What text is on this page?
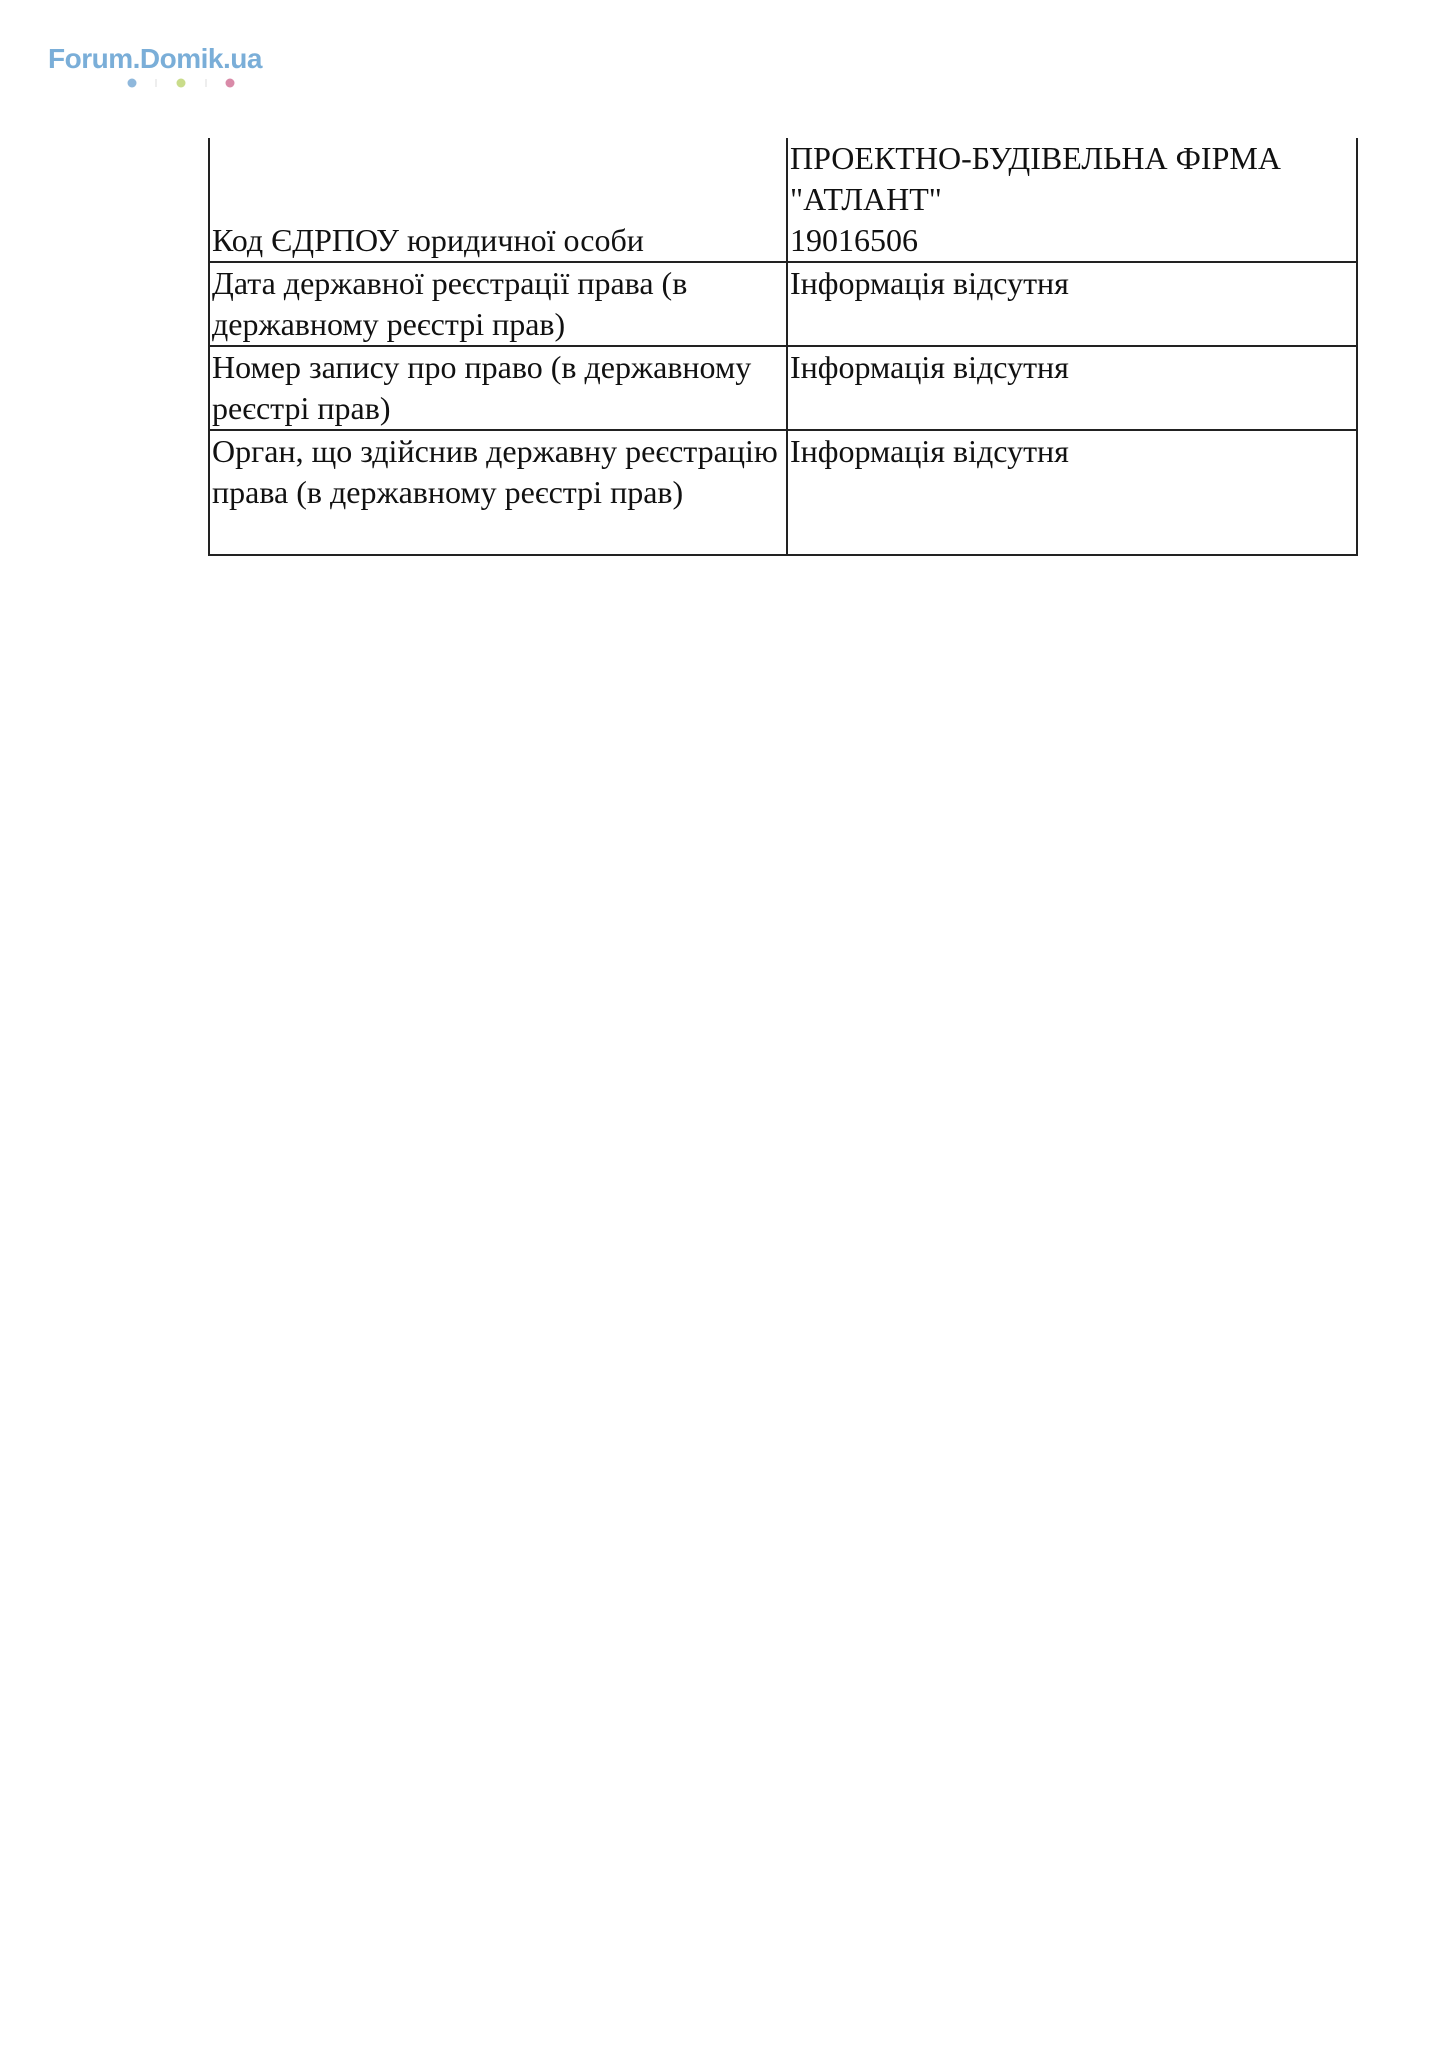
Forum.Domik.ua
Код ЄДРПОУ юридичної особи	ПРОЕКТНО-БУДІВЕЛЬНА ФІРМА
"АТЛАНТ"
19016506

Дата державної реєстрації права (в державному реєстрі прав)	Інформація відсутня
Номер запису про право (в державному реєстрі прав)	Інформація відсутня
Орган, що здійснив державну реєстрацію права (в державному реєстрі прав)	Інформація відсутня
